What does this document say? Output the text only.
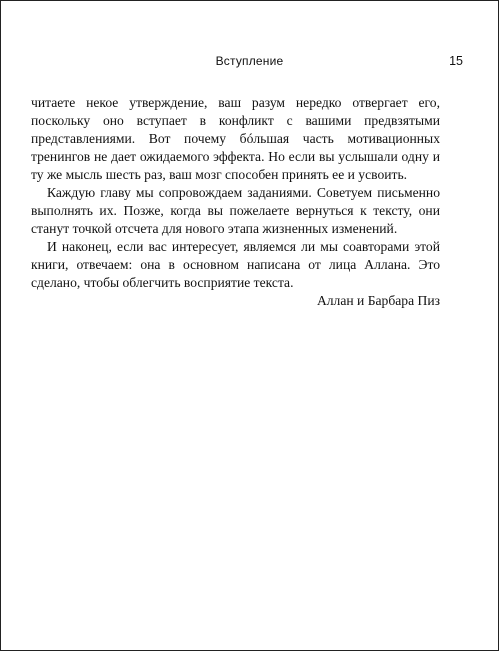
Вступление	15

читаете некое утверждение, ваш разум нередко отвергает его, поскольку оно вступает в конфликт с вашими предвзятыми представлениями. Вот почему бóльшая часть мотивационных тренингов не дает ожидаемого эффекта. Но если вы услышали одну и ту же мысль шесть раз, ваш мозг способен принять ее и усвоить.

Каждую главу мы сопровождаем заданиями. Советуем письменно выполнять их. Позже, когда вы пожелаете вернуться к тексту, они станут точкой отсчета для нового этапа жизненных изменений.

И наконец, если вас интересует, являемся ли мы соавторами этой книги, отвечаем: она в основном написана от лица Аллана. Это сделано, чтобы облегчить восприятие текста.

Аллан и Барбара Пиз
